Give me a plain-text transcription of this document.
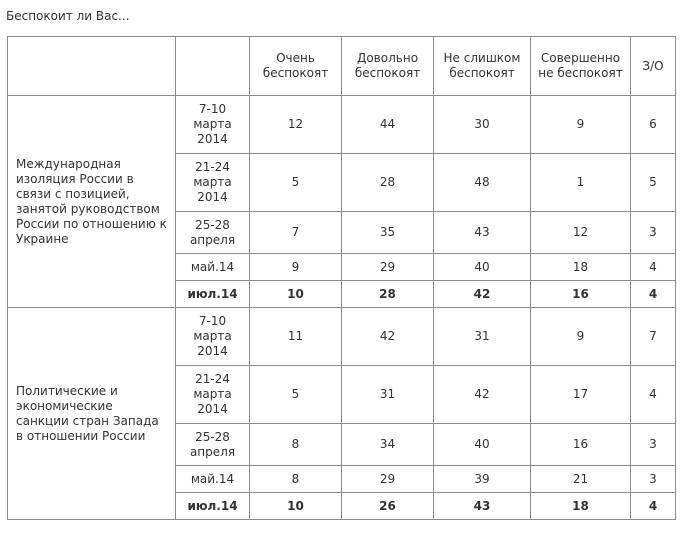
Беспокоит ли Вас...
		Очень беспокоят	Довольно беспокоят	Не слишком беспокоят	Совершенно не беспокоят	З/О
Международная изоляция России в связи с позицией, занятой руководством России по отношению к Украине	7-10 марта 2014	12	44	30	9	6
	21-24 марта 2014	5	28	48	1	5
	25-28 апреля	7	35	43	12	3
	май.14	9	29	40	18	4
	июл.14	10	28	42	16	4
Политические и экономические санкции стран Запада в отношении России	7-10 марта 2014	11	42	31	9	7
	21-24 марта 2014	5	31	42	17	4
	25-28 апреля	8	34	40	16	3
	май.14	8	29	39	21	3
	июл.14	10	26	43	18	4
